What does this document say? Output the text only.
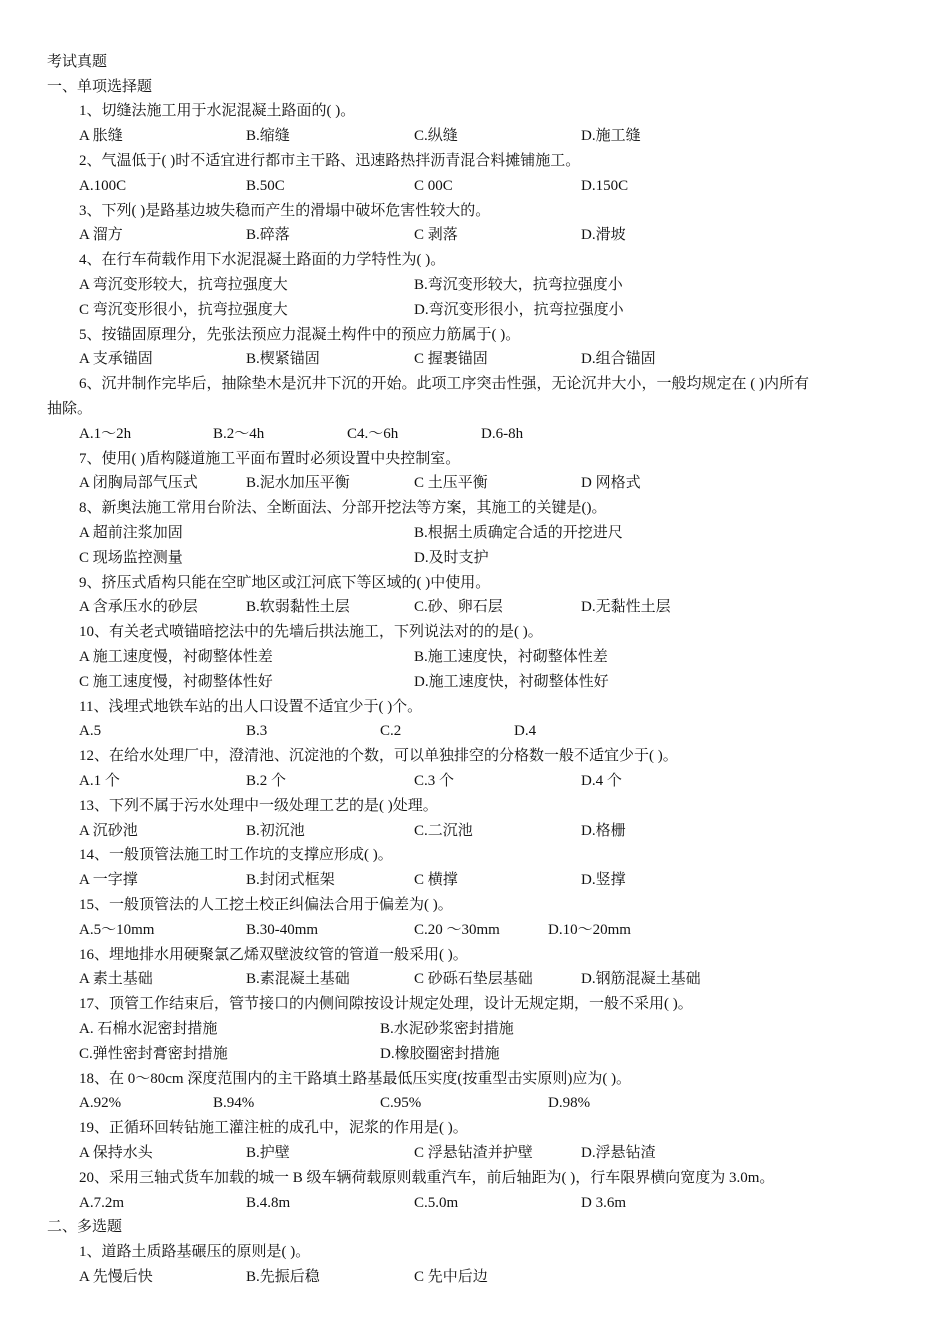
考试真题
一、单项选择题
1、切缝法施工用于水泥混凝土路面的( )。
A 胀缝	B.缩缝	C.纵缝	D.施工缝
2、气温低于( )时不适宜进行都市主干路、迅速路热拌沥青混合料摊铺施工。
A.100C	B.50C	C 00C	D.150C
3、下列( )是路基边坡失稳而产生的滑塌中破坏危害性较大的。
A 溜方	B.碎落	C 剥落	D.滑坡
4、在行车荷载作用下水泥混凝土路面的力学特性为( )。
A 弯沉变形较大，抗弯拉强度大	B.弯沉变形较大，抗弯拉强度小
C 弯沉变形很小，抗弯拉强度大	D.弯沉变形很小，抗弯拉强度小
5、按锚固原理分，先张法预应力混凝土构件中的预应力筋属于( )。
A 支承锚固	B.楔紧锚固	C 握裹锚固	D.组合锚固
6、沉井制作完毕后，抽除垫木是沉井下沉的开始。此项工序突击性强，无论沉井大小，一般均规定在 ( )内所有
抽除。
A.1～2h	B.2～4h	C4.～6h	D.6-8h
7、使用( )盾构隧道施工平面布置时必须设置中央控制室。
A 闭胸局部气压式	B.泥水加压平衡	C 土压平衡	D 网格式
8、新奥法施工常用台阶法、全断面法、分部开挖法等方案，其施工的关键是()。
A 超前注浆加固	B.根据土质确定合适的开挖进尺
C 现场监控测量	D.及时支护
9、挤压式盾构只能在空旷地区或江河底下等区域的( )中使用。
A 含承压水的砂层	B.软弱黏性土层	C.砂、卵石层	D.无黏性土层
10、有关老式喷锚暗挖法中的先墙后拱法施工，下列说法对的的是( )。
A 施工速度慢，衬砌整体性差	B.施工速度快，衬砌整体性差
C 施工速度慢，衬砌整体性好	D.施工速度快，衬砌整体性好
11、浅埋式地铁车站的出人口设置不适宜少于( )个。
A.5	B.3	C.2	D.4
12、在给水处理厂中，澄清池、沉淀池的个数，可以单独排空的分格数一般不适宜少于( )。
A.1 个	B.2 个	C.3 个	D.4 个
13、下列不属于污水处理中一级处理工艺的是( )处理。
A 沉砂池	B.初沉池	C.二沉池	D.格栅
14、一般顶管法施工时工作坑的支撑应形成( )。
A 一字撑	B.封闭式框架	C 横撑	D.竖撑
15、一般顶管法的人工挖土校正纠偏法合用于偏差为( )。
A.5～10mm	B.30-40mm	C.20 ～30mm	D.10～20mm
16、埋地排水用硬聚氯乙烯双壁波纹管的管道一般采用( )。
A 素土基础	B.素混凝土基础	C 砂砾石垫层基础	D.钢筋混凝土基础
17、顶管工作结束后，管节接口的内侧间隙按设计规定处理，设计无规定期，一般不采用( )。
A. 石棉水泥密封措施	B.水泥砂浆密封措施
C.弹性密封膏密封措施	D.橡胶圈密封措施
18、在 0～80cm 深度范围内的主干路填土路基最低压实度(按重型击实原则)应为( )。
A.92%	B.94%	C.95%	D.98%
19、正循环回转钻施工灌注桩的成孔中，泥浆的作用是( )。
A 保持水头	B.护壁	C 浮悬钻渣并护壁	D.浮悬钻渣
20、采用三轴式货车加载的城一 B 级车辆荷载原则载重汽车，前后轴距为( )，行车限界横向宽度为 3.0m。
A.7.2m	B.4.8m	C.5.0m	D 3.6m
二、多选题
1、道路土质路基碾压的原则是( )。
A 先慢后快	B.先振后稳	C 先中后边
